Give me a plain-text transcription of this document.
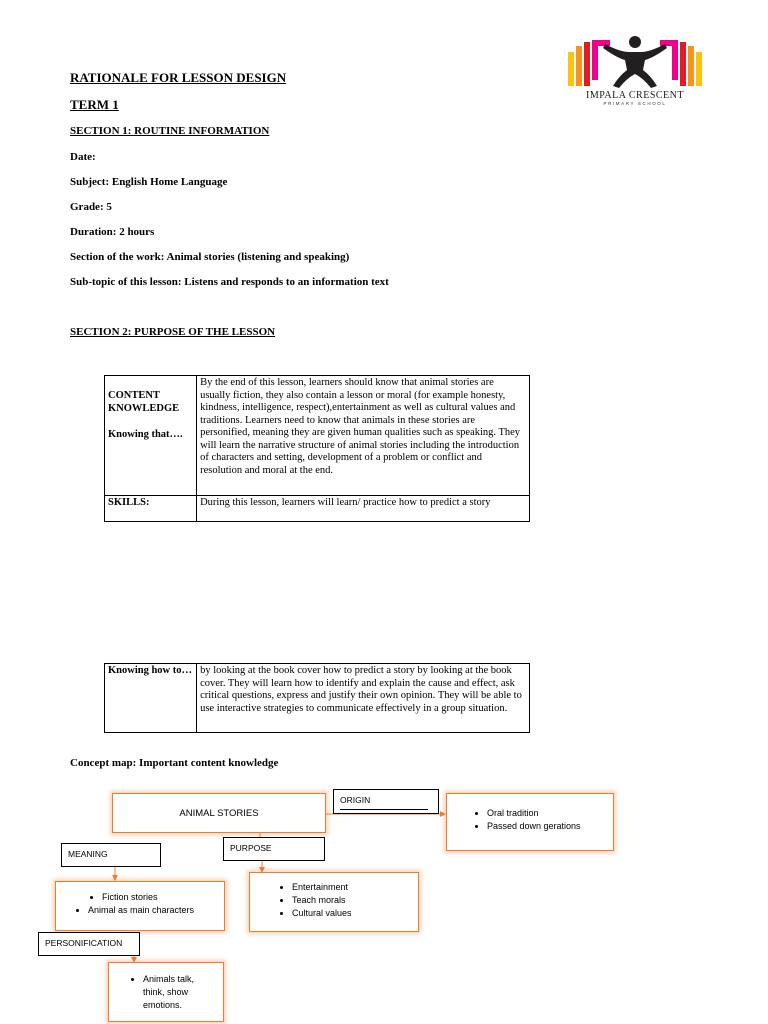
IMPALA CRESCENT
PRIMARY SCHOOL
RATIONALE FOR LESSON DESIGN
TERM 1
SECTION 1: ROUTINE INFORMATION
Date:
Subject: English Home Language
Grade: 5
Duration: 2 hours
Section of the work: Animal stories (listening and speaking)
Sub-topic of this lesson: Listens and responds to an information text
SECTION 2: PURPOSE OF THE LESSON
CONTENT KNOWLEDGE
Knowing that….	By the end of this lesson, learners should know that animal stories are usually fiction, they also contain a lesson or moral (for example honesty, kindness, intelligence, respect),entertainment as well as cultural values and traditions. Learners need to know that animals in these stories are personified, meaning they are given human qualities such as speaking. They will learn the narrative structure of animal stories including the introduction of characters and setting, development of a problem or conflict and resolution and moral at the end.
SKILLS:	During this lesson, learners will learn/ practice how to predict a story
Knowing how to…	by looking at the book cover how to predict a story by looking at the book cover. They will learn how to identify and explain the cause and effect, ask critical questions, express and justify their own opinion. They will be able to use interactive strategies to communicate effectively in a group situation.
Concept map: Important content knowledge
ANIMAL STORIES
ORIGIN
• Oral tradition
• Passed down gerations
MEANING
PURPOSE
• Fiction stories
• Animal as main characters
• Entertainment
• Teach morals
• Cultural values
PERSONIFICATION
• Animals talk, think, show emotions.
